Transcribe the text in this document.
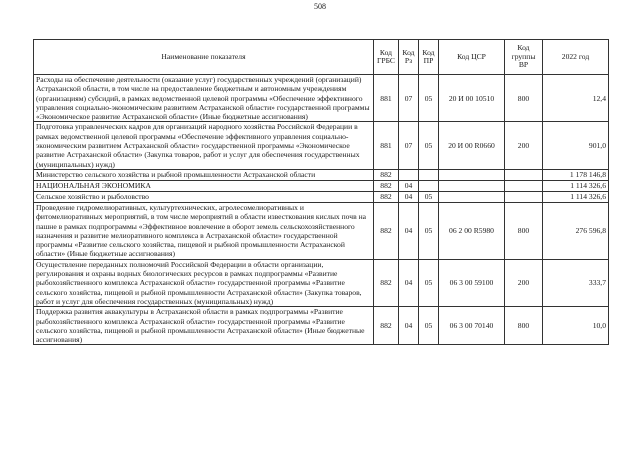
508
Наименование показателя	Код ГРБС	Код Рз	Код ПР	Код ЦСР	Код группы ВР	2022 год
Расходы на обеспечение деятельности (оказание услуг) государственных учреждений (организаций) Астраханской области, в том числе на предоставление бюджетным и автономным учреждениям (организациям) субсидий, в рамках ведомственной целевой программы «Обеспечение эффективного управления социально-экономическим развитием Астраханской области» государственной программы «Экономическое развитие Астраханской области» (Иные бюджетные ассигнования)	881	07	05	20 И 00 10510	800	12,4
Подготовка управленческих кадров для организаций народного хозяйства Российской Федерации в рамках ведомственной целевой программы «Обеспечение эффективного управления социально-экономическим развитием Астраханской области» государственной программы «Экономическое развитие Астраханской области» (Закупка товаров, работ и услуг для обеспечения государственных (муниципальных) нужд)	881	07	05	20 И 00 R0660	200	901,0
Министерство сельского хозяйства и рыбной промышленности Астраханской области	882					1 178 146,8
НАЦИОНАЛЬНАЯ ЭКОНОМИКА	882	04				1 114 326,6
Сельское хозяйство и рыболовство	882	04	05			1 114 326,6
Проведение гидромелиоративных, культуртехнических, агролесомелиоративных и фитомелиоративных мероприятий, в том числе мероприятий в области известкования кислых почв на пашне в рамках подпрограммы «Эффективное вовлечение в оборот земель сельскохозяйственного назначения и развитие мелиоративного комплекса в Астраханской области» государственной программы «Развитие сельского хозяйства, пищевой и рыбной промышленности Астраханской области» (Иные бюджетные ассигнования)	882	04	05	06 2 00 R5980	800	276 596,8
Осуществление переданных полномочий Российской Федерации в области организации, регулирования и охраны водных биологических ресурсов в рамках подпрограммы «Развитие рыбохозяйственного комплекса Астраханской области» государственной программы «Развитие сельского хозяйства, пищевой и рыбной промышленности Астраханской области» (Закупка товаров, работ и услуг для обеспечения государственных (муниципальных) нужд)	882	04	05	06 3 00 59100	200	333,7
Поддержка развития аквакультуры в Астраханской области в рамках подпрограммы «Развитие рыбохозяйственного комплекса Астраханской области» государственной программы «Развитие сельского хозяйства, пищевой и рыбной промышленности Астраханской области» (Иные бюджетные ассигнования)	882	04	05	06 3 00 70140	800	10,0
